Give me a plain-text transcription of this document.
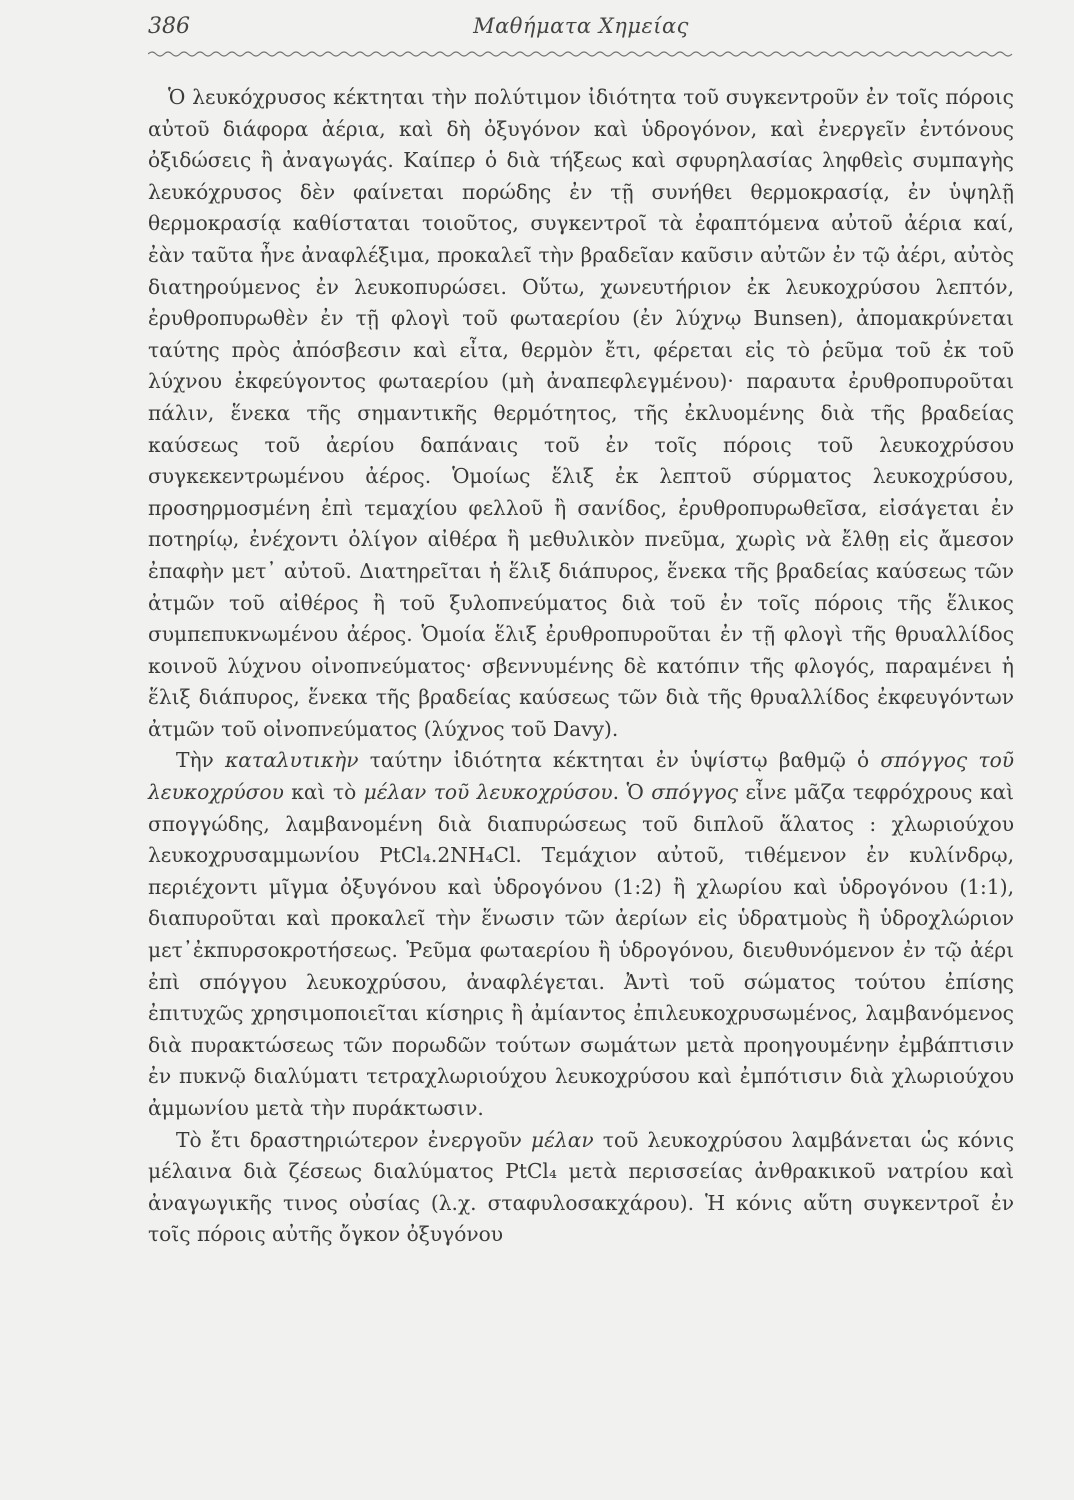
386	Μαθήματα Χημείας

Ὁ λευκόχρυσος κέκτηται τὴν πολύτιμον ἰδιότητα τοῦ συγκεντροῦν ἐν τοῖς πόροις αὐτοῦ διάφορα ἀέρια, καὶ δὴ ὀξυγόνον καὶ ὑδρογόνον, καὶ ἐνεργεῖν ἐντόνους ὀξιδώσεις ἢ ἀναγωγάς. Καίπερ ὁ διὰ τήξεως καὶ σφυρηλασίας ληφθεὶς συμπαγὴς λευκόχρυσος δὲν φαίνεται πορώδης ἐν τῇ συνήθει θερμοκρασίᾳ, ἐν ὑψηλῇ θερμοκρασίᾳ καθίσταται τοιοῦτος, συγκεντροῖ τὰ ἐφαπτόμενα αὐτοῦ ἀέρια καί, ἐὰν ταῦτα ἦνε ἀναφλέξιμα, προκαλεῖ τὴν βραδεῖαν καῦσιν αὐτῶν ἐν τῷ ἀέρι, αὐτὸς διατηρούμενος ἐν λευκοπυρώσει. Οὕτω, χωνευτήριον ἐκ λευκοχρύσου λεπτόν, ἐρυθροπυρωθὲν ἐν τῇ φλογὶ τοῦ φωταερίου (ἐν λύχνῳ Bunsen), ἀπομακρύνεται ταύτης πρὸς ἀπόσβεσιν καὶ εἶτα, θερμὸν ἔτι, φέρεται εἰς τὸ ῥεῦμα τοῦ ἐκ τοῦ λύχνου ἐκφεύγοντος φωταερίου (μὴ ἀναπεφλεγμένου)· παραυτα ἐρυθροπυροῦται πάλιν, ἕνεκα τῆς σημαντικῆς θερμότητος, τῆς ἐκλυομένης διὰ τῆς βραδείας καύσεως τοῦ ἀερίου δαπάναις τοῦ ἐν τοῖς πόροις τοῦ λευκοχρύσου συγκεκεντρωμένου ἀέρος. Ὁμοίως ἕλιξ ἐκ λεπτοῦ σύρματος λευκοχρύσου, προσηρμοσμένη ἐπὶ τεμαχίου φελλοῦ ἢ σανίδος, ἐρυθροπυρωθεῖσα, εἰσάγεται ἐν ποτηρίῳ, ἐνέχοντι ὀλίγον αἰθέρα ἢ μεθυλικὸν πνεῦμα, χωρὶς νὰ ἔλθῃ εἰς ἄμεσον ἐπαφὴν μετ᾽ αὐτοῦ. Διατηρεῖται ἡ ἕλιξ διάπυρος, ἕνεκα τῆς βραδείας καύσεως τῶν ἀτμῶν τοῦ αἰθέρος ἢ τοῦ ξυλοπνεύματος διὰ τοῦ ἐν τοῖς πόροις τῆς ἕλικος συμπεπυκνωμένου ἀέρος. Ὁμοία ἕλιξ ἐρυθροπυροῦται ἐν τῇ φλογὶ τῆς θρυαλλίδος κοινοῦ λύχνου οἰνοπνεύματος· σβεννυμένης δὲ κατόπιν τῆς φλογός, παραμένει ἡ ἕλιξ διάπυρος, ἕνεκα τῆς βραδείας καύσεως τῶν διὰ τῆς θρυαλλίδος ἐκφευγόντων ἀτμῶν τοῦ οἰνοπνεύματος (λύχνος τοῦ Davy).

Τὴν καταλυτικὴν ταύτην ἰδιότητα κέκτηται ἐν ὑψίστῳ βαθμῷ ὁ σπόγγος τοῦ λευκοχρύσου καὶ τὸ μέλαν τοῦ λευκοχρύσου. Ὁ σπόγγος εἶνε μᾶζα τεφρόχρους καὶ σπογγώδης, λαμβανομένη διὰ διαπυρώσεως τοῦ διπλοῦ ἅλατος : χλωριούχου λευκοχρυσαμμωνίου PtCl₄.2NH₄Cl. Τεμάχιον αὐτοῦ, τιθέμενον ἐν κυλίνδρῳ, περιέχοντι μῖγμα ὀξυγόνου καὶ ὑδρογόνου (1:2) ἢ χλωρίου καὶ ὑδρογόνου (1:1), διαπυροῦται καὶ προκαλεῖ τὴν ἕνωσιν τῶν ἀερίων εἰς ὑδρατμοὺς ἢ ὑδροχλώριον μετ᾽ἐκπυρσοκροτήσεως. Ῥεῦμα φωταερίου ἢ ὑδρογόνου, διευθυνόμενον ἐν τῷ ἀέρι ἐπὶ σπόγγου λευκοχρύσου, ἀναφλέγεται. Ἀντὶ τοῦ σώματος τούτου ἐπίσης ἐπιτυχῶς χρησιμοποιεῖται κίσηρις ἢ ἀμίαντος ἐπιλευκοχρυσωμένος, λαμβανόμενος διὰ πυρακτώσεως τῶν πορωδῶν τούτων σωμάτων μετὰ προηγουμένην ἐμβάπτισιν ἐν πυκνῷ διαλύματι τετραχλωριούχου λευκοχρύσου καὶ ἐμπότισιν διὰ χλωριούχου ἀμμωνίου μετὰ τὴν πυράκτωσιν.

Τὸ ἔτι δραστηριώτερον ἐνεργοῦν μέλαν τοῦ λευκοχρύσου λαμβάνεται ὡς κόνις μέλαινα διὰ ζέσεως διαλύματος PtCl₄ μετὰ περισσείας ἀνθρακικοῦ νατρίου καὶ ἀναγωγικῆς τινος οὐσίας (λ.χ. σταφυλοσακχάρου). Ἡ κόνις αὕτη συγκεντροῖ ἐν τοῖς πόροις αὐτῆς ὄγκον ὀξυγόνου
